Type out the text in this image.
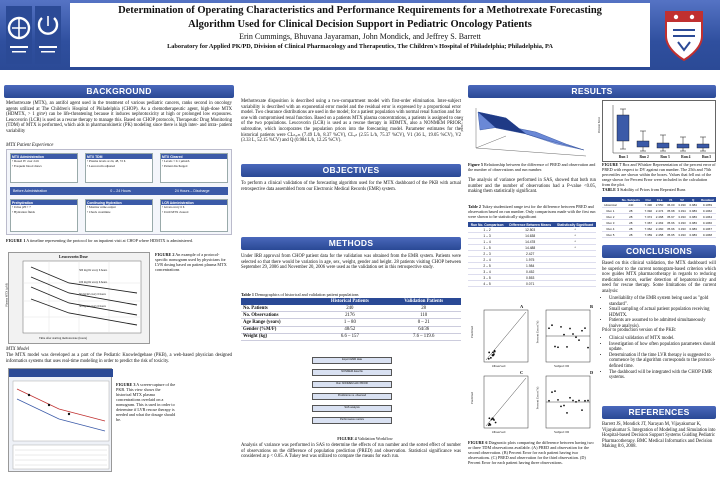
Determination of Operating Characteristics and Performance Requirements for a Methotrexate Forecasting
Algorithm Used for Clinical Decision Support in Pediatric Oncology Patients
Erin Cummings, Bhuvana Jayaraman, John Mondick, and Jeffrey S. Barrett
Laboratory for Applied PK/PD, Division of Clinical Pharmacology and Therapeutics, The Children's Hospital of Philadelphia; Philadelphia, PA
BACKGROUND

Methotrexate (MTX), an antifol agent used in the treatment of various pediatric cancers, ranks second in oncology agents utilized at The Children's Hospital of Philadelphia (CHOP). As a chemotherapeutic agent, high-dose MTX (HDMTX, > 1 g/m²) can be life-threatening because it induces nephrotoxicity at high or prolonged low exposures. Leucovorin (LCR) is used as a rescue therapy to manage this. Based on CHOP protocols, Therapeutic Drug Monitoring (TDM) of MTX is performed, which aids in pharmacokinetic (PK) modeling since there is high inter- and intra- patient variability

MTX Patient Experience
MTX Administration
• Dosed IV over 24 h
• Frequent blood draws
MTX TDM
• Plasma levels at 24, 48, 72 h
• Leucovorin adjusted
MTX Cleared
• Levels < 0.1 µmol/L
• Patient discharged
Before Administration	0 – 24 Hours	24 Hours – Discharge
Prehydration
• Urine pH > 7
• Hydration fluids
Continuing Hydration
• Monitor urine output
• Check creatinine
LCR Administration
• Given every 6 h
• Until MTX cleared
FIGURE 1 A timeline representing the protocol for an inpatient visit at CHOP where HDMTX is administered.
Leucovorin Dose
500 mg/m² every 6 hours
100 mg/m² every 6 hours
50 mg/m² every 6 hours
30 mg/m² every 6 hours
Time after starting methotrexate (hours)
Plasma MTX (µM)
FIGURE 2 An example of a protocol-specific nomogram used by physicians for LVR dosing based on patient plasma MTX concentrations
MTX Model

The MTX model was developed as a part of the Pediatric Knowledgebase (PKB), a web-based physician designed informatics systems that uses real-time modeling in order to predict the risk of toxicity.

FIGURE 3 A screen-capture of the PKB. This view shows the historical MTX plasma concentrations overlaid on a nomogram. This is used in order to determine if LVR rescue therapy is needed and what the dosage should be.

Methotrexate disposition is described using a two-compartment model with first-order elimination. Inter-subject variability is described with an exponential error model and the residual error is expressed by a proportional error model. Two clearance distributions are used in the model; for a patient population with normal renal function and for one with compromised renal function. Based on a patients MTX plasma concentrations, a patients is assigned to one of the two populations. Leucovorin (LCR) is used as a rescue therapy in HDMTX, also a NONMEM PRIOR subroutine, which incorporates the population priors into the forecasting model. Parameter estimates for the historical patients were CLₙₒᵣₘ (7.49 L/h, 8.37 %CV), CLₐₙ (2.55 L/h, 75.37 %CV), V1 (36 L, 19.05 %CV), V2 (3.33 L, 52.15 %CV) and Q (0.984 L/h, 12.25 %CV).

OBJECTIVES

To perform a clinical validation of the forecasting algorithm used for the MTX dashboard of the PKB with actual retrospective data assembled from our Electronic Medical Records (EMR) system.

METHODS

Under IRB approval from CHOP patient data for the validation was obtained from the EMR system. Patients were selected so that there would be variation in age, sex, weight, gender and height. 28 patients visiting CHOP between September 29, 2006 and November 20, 2006 were used as the validation set in this retrospective study.

Table 1 Demographics of historical and validation patient populations
	Historical Patients	Validation Patients
No. Patients	240	28
No. Observations	2176	110
Age Range (years)	1 – 80	0 – 21
Gender (%M/F)	48/52	64/36
Weight (kg)	6.6 – 157	7.6 – 119.6
Export EMR data
NONMEM data file
Run NONMEM with PRIOR
Predictions vs. observed
SAS analysis
Performance metrics
FIGURE 4 Validation Workflow

Analysis of variance was performed in SAS to determine the effects of run number and the sorted effect of number of observations on the difference of population prediction (PRED) and observation. Statistical significance was considered at p < 0.05. A Tukey test was utilized to compare the means for each run.

RESULTS
|PRED - obs|	Percent Error
Run 1	Run 2	Run 3	Run 4	Run 5
Figure 5 Relationship between the difference of PRED and observation and the number of observations and run number.

The analysis of variance performed in SAS, showed that both run number and the number of observations had a P-value <0.05, making them statistically significant.

Table 2 Tukey studentized range test for the difference between PRED and observation based on run number. Only comparisons made with the first run were shown to be statistically significant
Run No. Comparison	Difference Between Means	Statistically Significant
1 – 2	12.503	*
1 – 3	14.638	*
1 – 4	14.478	*
1 – 5	14.488	*
2 – 3	2.427	
2 – 4	1.975	
2 – 5	1.984	
3 – 4	0.452	
3 – 5	0.553	
4 – 5	0.071	
FIGURE 7 Box and Whisker Representation of the percent error of PRED with respect to DV against run number. The 25th and 75th percentiles are shown within the boxes. Values that fell out of the range shown for Percent Error were included in the calculation from the plot.
TABLE 3 Stability of Priors from Repeated Runs
	No. Subjects	CLn	CLa	V1	V2	Q	Residual
Historical	240	7.490	2.550	36.00	3.330	0.984	0.1059
Run 1	28	7.392	2.474	35.98	3.334	0.983	0.1062
Run 2	28	7.374	2.468	35.97	3.333	0.983	0.1064
Run 3	28	7.367	2.463	35.96	3.333	0.983	0.1066
Run 4	28	7.362	2.460	35.96	3.333	0.983	0.1067
Run 5	28	7.359	2.458	35.95	3.333	0.983	0.1068
CONCLUSIONS

Based on this clinical validation, the MTX dashboard will be superior to the current nomogram-based criterion which now guides MTX pharmacotherapy in regards to reducing medication errors, earlier detection of hepatotoxicity and need for rescue therapy. Some limitations of the current analysis:

• Unreliability of the EMR system being used as "gold standard".
• Small sampling of actual patient population receiving HDMTX.
• Patients are assumed to be admitted simultaneously (naive analysis).

Prior to production version of the PKB:

• Clinical validation of MTX model.
• Investigation of how often population parameters should update.
• Determination if the time LVR therapy is suggested to commence by the algorithm corresponds to the protocol-defined time.
• The dashboard will be integrated with the CHOP EMR systems.
REFERENCES

Barrett JS, Mondick JT, Narayan M, Vijayakumar K, Vijayakumar S. Integration of Modeling and Simulation into Hospital-based Decision Support Systems Guiding Pediatric Pharmacotherapy. BMC Medical Informatics and Decision Making 8:6, 2008.

A	B
C	D
Observed	Subject ID
Observed	Subject ID
Predicted	Percent Error (%)
Predicted	Percent Error (%)
FIGURE 6 Diagnostic plots comparing the difference between having two or three TDM observations available. (A) PRED and observation for the second observation. (B) Percent Error for each patient having two observations. (C) PRED and observation for the third observation. (D) Percent Error for each patient having three observations.
